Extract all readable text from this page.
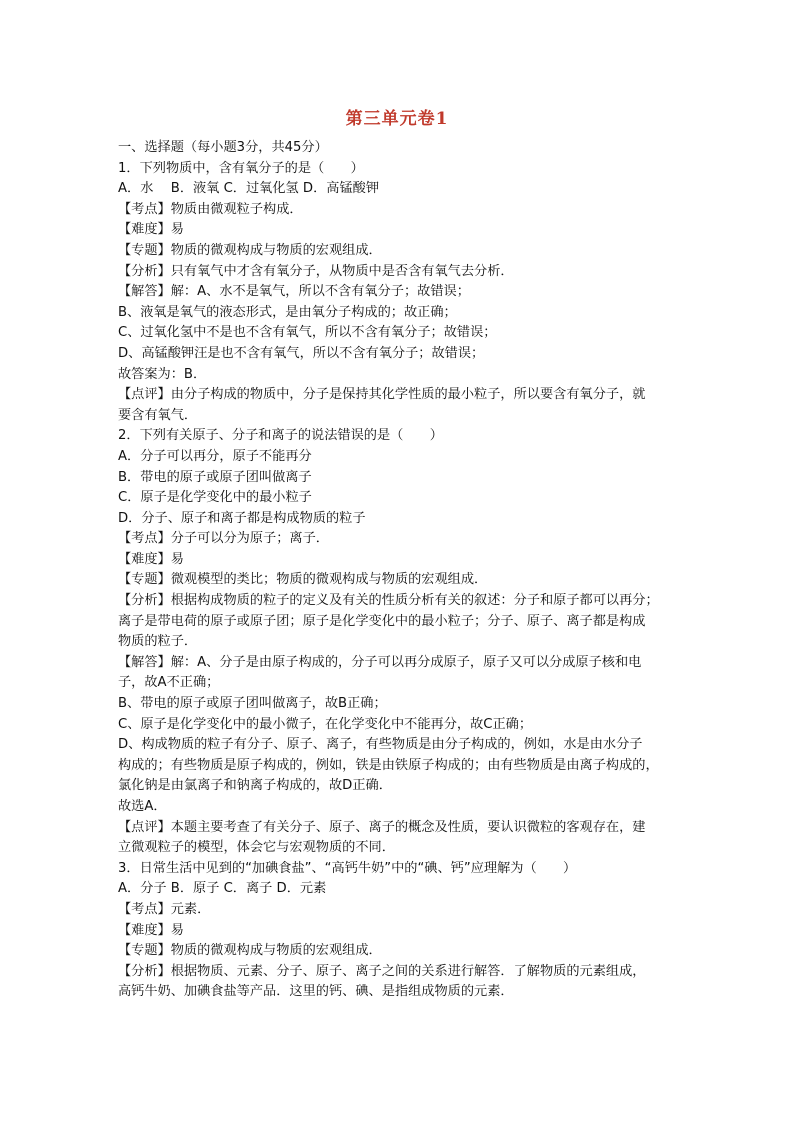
第三单元卷1
一、选择题（每小题3分，共45分）
1．下列物质中，含有氧分子的是（　　）
A．水　 B．液氧 C．过氧化氢 D．高锰酸钾
【考点】物质由微观粒子构成．
【难度】易
【专题】物质的微观构成与物质的宏观组成．
【分析】只有氧气中才含有氧分子，从物质中是否含有氧气去分析．
【解答】解：A、水不是氧气，所以不含有氧分子；故错误；
B、液氧是氧气的液态形式，是由氧分子构成的；故正确；
C、过氧化氢中不是也不含有氧气，所以不含有氧分子；故错误；
D、高锰酸钾汪是也不含有氧气，所以不含有氧分子；故错误；
故答案为：B．
【点评】由分子构成的物质中，分子是保持其化学性质的最小粒子，所以要含有氧分子，就
要含有氧气．
2．下列有关原子、分子和离子的说法错误的是（　　）
A．分子可以再分，原子不能再分
B．带电的原子或原子团叫做离子
C．原子是化学变化中的最小粒子
D．分子、原子和离子都是构成物质的粒子
【考点】分子可以分为原子；离子．
【难度】易
【专题】微观模型的类比；物质的微观构成与物质的宏观组成．
【分析】根据构成物质的粒子的定义及有关的性质分析有关的叙述：分子和原子都可以再分；
离子是带电荷的原子或原子团；原子是化学变化中的最小粒子；分子、原子、离子都是构成
物质的粒子．
【解答】解：A、分子是由原子构成的，分子可以再分成原子，原子又可以分成原子核和电
子，故A不正确；
B、带电的原子或原子团叫做离子，故B正确；
C、原子是化学变化中的最小微子，在化学变化中不能再分，故C正确；
D、构成物质的粒子有分子、原子、离子，有些物质是由分子构成的，例如，水是由水分子
构成的；有些物质是原子构成的，例如，铁是由铁原子构成的；由有些物质是由离子构成的，
氯化钠是由氯离子和钠离子构成的，故D正确．
故选A．
【点评】本题主要考查了有关分子、原子、离子的概念及性质，要认识微粒的客观存在，建
立微观粒子的模型，体会它与宏观物质的不同．
3．日常生活中见到的“加碘食盐”、“高钙牛奶”中的“碘、钙”应理解为（　　）
A．分子 B．原子 C．离子 D．元素
【考点】元素．
【难度】易
【专题】物质的微观构成与物质的宏观组成．
【分析】根据物质、元素、分子、原子、离子之间的关系进行解答．了解物质的元素组成，
高钙牛奶、加碘食盐等产品．这里的钙、碘、是指组成物质的元素．
